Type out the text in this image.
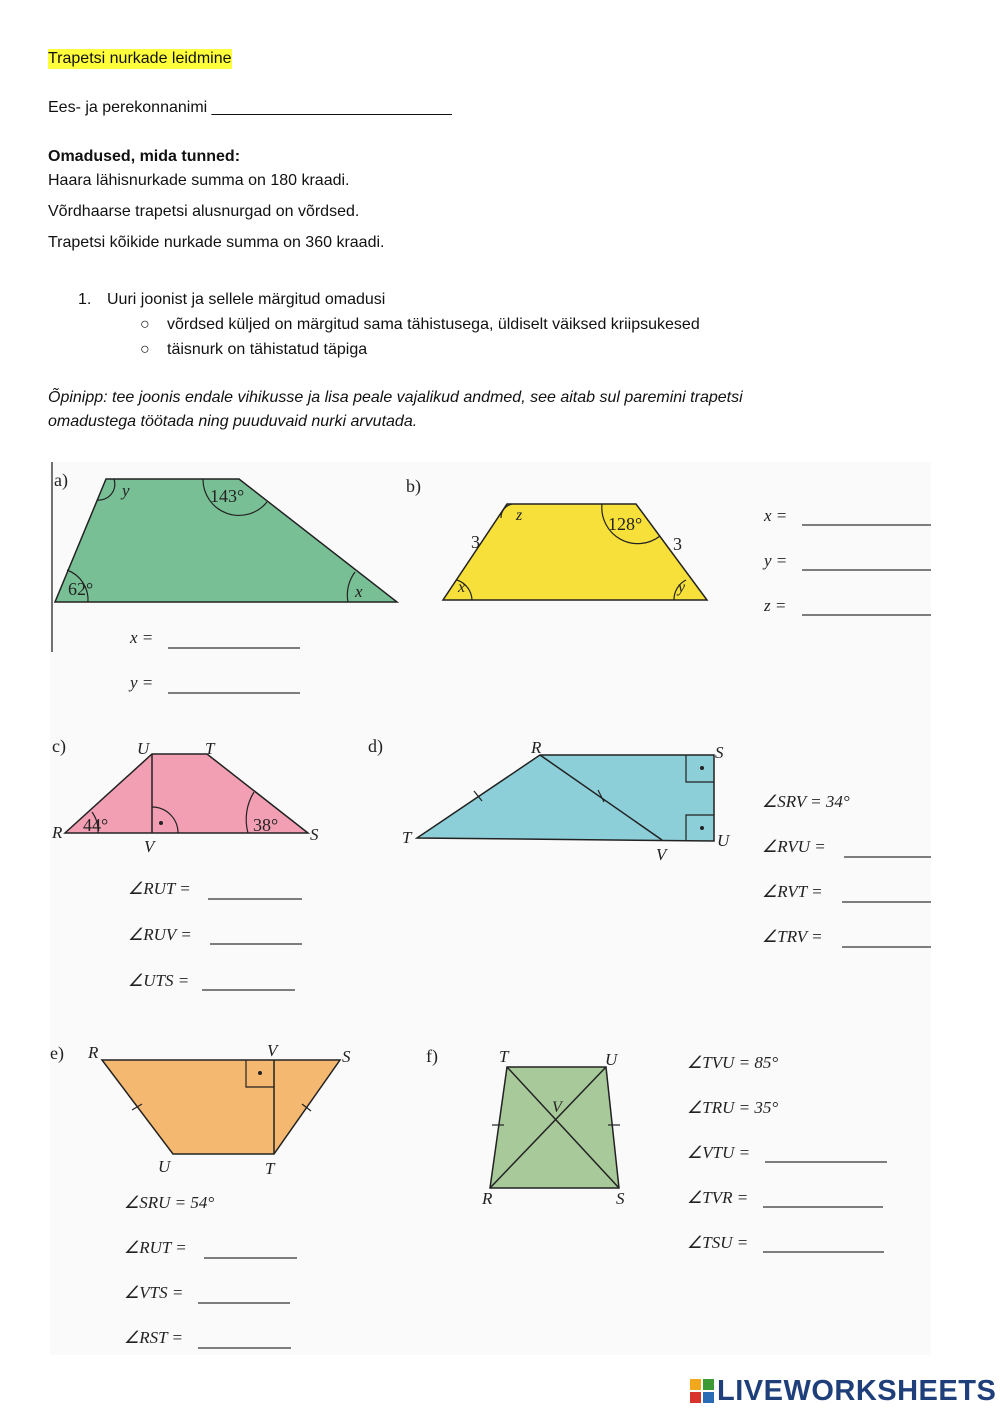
Trapetsi nurkade leidmine
Ees- ja perekonnanimi ___________________________
Omadused, mida tunned:
Haara lähisnurkade summa on 180 kraadi.
Võrdhaarse trapetsi alusnurgad on võrdsed.
Trapetsi kõikide nurkade summa on 360 kraadi.
1. Uuri joonist ja sellele märgitud omadusi
○ võrdsed küljed on märgitud sama tähistusega, üldiselt väiksed kriipsukesed
○ täisnurk on tähistatud täpiga
Õpinipp: tee joonis endale vihikusse ja lisa peale vajalikud andmed, see aitab sul paremini trapetsi
omadustega töötada ning puuduvaid nurki arvutada.
a)
y	143°
62°	x
x =
y =
b)
z	128°
x	y
3	3
x =
y =
z =
c)	U	T
R
V
S
44°	38°
∠RUT =
∠RUV =
∠UTS =
d)	R	S
T
V
U
∠SRV = 34°
∠RVU =
∠RVT =
∠TRV =
e) R	V	S
U	T
∠SRU = 54°
∠RUT =
∠VTS =
∠RST =
f)	T	U
V
R	S
∠TVU = 85°
∠TRU = 35°
∠VTU =
∠TVR =
∠TSU =
LIVEWORKSHEETS
